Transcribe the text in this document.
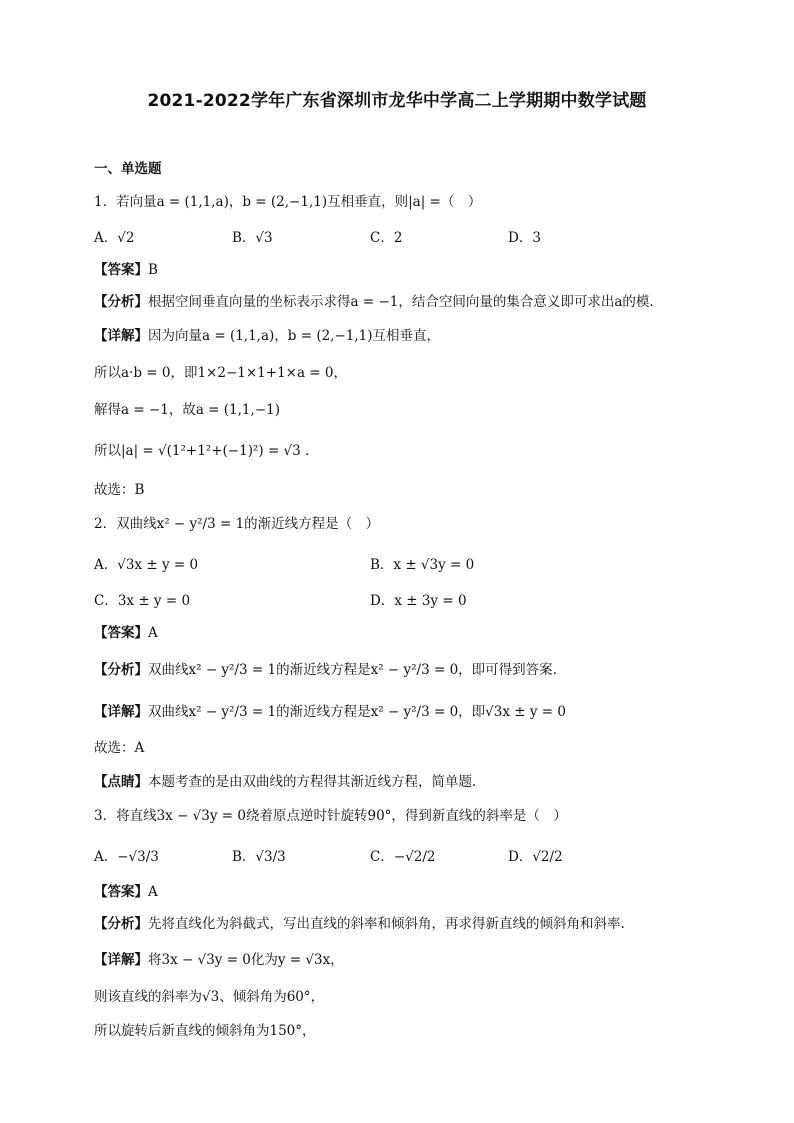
2021-2022学年广东省深圳市龙华中学高二上学期期中数学试题
一、单选题
1．若向量a = (1,1,a)，b = (2,−1,1)互相垂直，则|a| =（　）
A．√2	B．√3	C．2	D．3
【答案】B
【分析】根据空间垂直向量的坐标表示求得a = −1，结合空间向量的集合意义即可求出a的模.
【详解】因为向量a = (1,1,a)，b = (2,−1,1)互相垂直，
所以a·b = 0，即1×2−1×1+1×a = 0，
解得a = −1，故a = (1,1,−1)
所以|a| = √(1²+1²+(−1)²) = √3 .
故选：B
2．双曲线x² − y²/3 = 1的渐近线方程是（　）
A．√3x ± y = 0	B．x ± √3y = 0
C．3x ± y = 0	D．x ± 3y = 0
【答案】A
【分析】双曲线x² − y²/3 = 1的渐近线方程是x² − y²/3 = 0，即可得到答案.
【详解】双曲线x² − y²/3 = 1的渐近线方程是x² − y²/3 = 0，即√3x ± y = 0
故选：A
【点睛】本题考查的是由双曲线的方程得其渐近线方程，简单题.
3．将直线3x − √3y = 0绕着原点逆时针旋转90°，得到新直线的斜率是（　）
A．−√3/3	B．√3/3	C．−√2/2	D．√2/2
【答案】A
【分析】先将直线化为斜截式，写出直线的斜率和倾斜角，再求得新直线的倾斜角和斜率.
【详解】将3x − √3y = 0化为y = √3x，
则该直线的斜率为√3、倾斜角为60°，
所以旋转后新直线的倾斜角为150°，
